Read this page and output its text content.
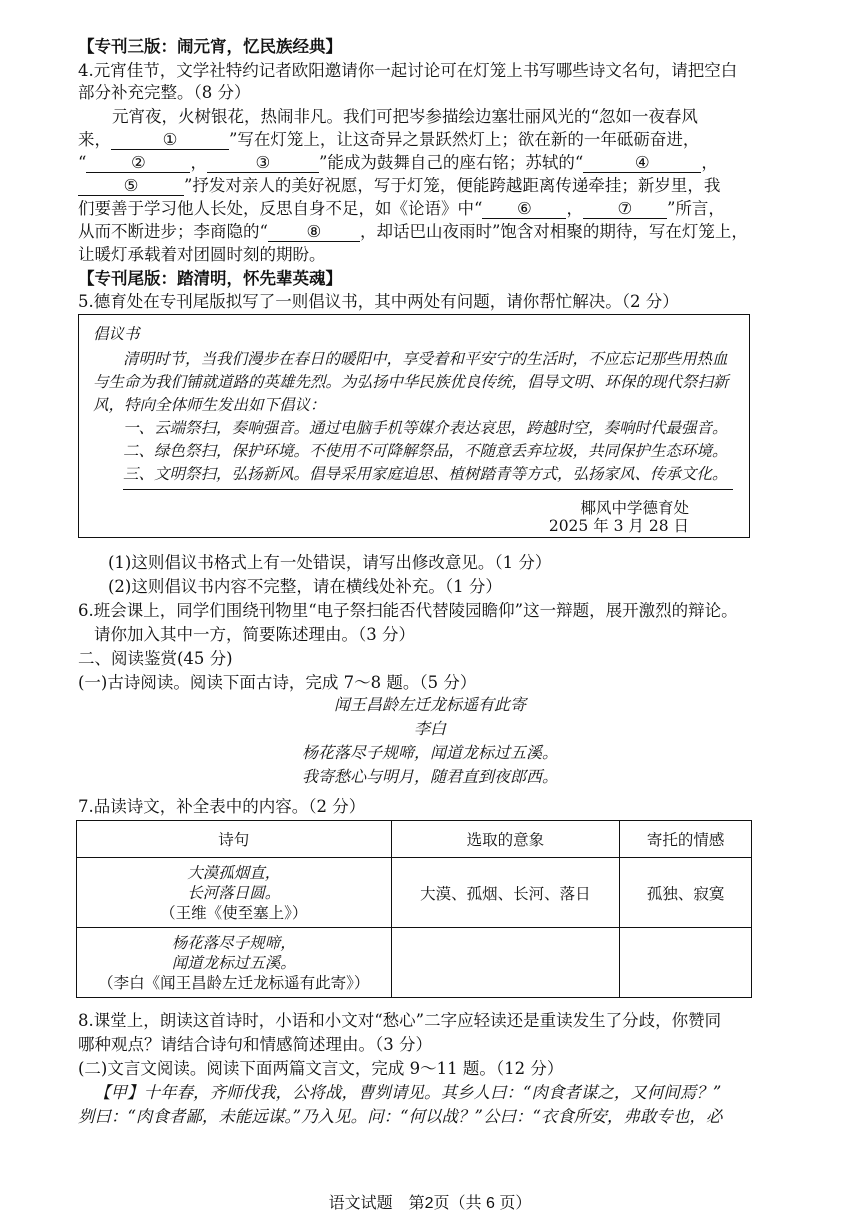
【专刊三版：闹元宵，忆民族经典】
4.元宵佳节，文学社特约记者欧阳邀请你一起讨论可在灯笼上书写哪些诗文名句，请把空白
部分补充完整。（8 分）
元宵夜，火树银花，热闹非凡。我们可把岑参描绘边塞壮丽风光的“忽如一夜春风
来，	①	”写在灯笼上，让这奇异之景跃然灯上；欲在新的一年砥砺奋进，
“	②	，	③	”能成为鼓舞自己的座右铭；苏轼的“	④	，
⑤	”抒发对亲人的美好祝愿，写于灯笼，便能跨越距离传递牵挂；新岁里，我
们要善于学习他人长处，反思自身不足，如《论语》中“ ⑥ ， ⑦ ”所言，
从而不断进步；李商隐的“ ⑧ ，却话巴山夜雨时”饱含对相聚的期待，写在灯笼上，
让暖灯承载着对团圆时刻的期盼。
【专刊尾版：踏清明，怀先辈英魂】
5.德育处在专刊尾版拟写了一则倡议书，其中两处有问题，请你帮忙解决。（2 分）
倡议书
清明时节，当我们漫步在春日的暖阳中，享受着和平安宁的生活时，不应忘记那些用热血
与生命为我们铺就道路的英雄先烈。为弘扬中华民族优良传统，倡导文明、环保的现代祭扫新
风，特向全体师生发出如下倡议：
一、云端祭扫，奏响强音。通过电脑手机等媒介表达哀思，跨越时空，奏响时代最强音。
二、绿色祭扫，保护环境。不使用不可降解祭品，不随意丢弃垃圾，共同保护生态环境。
三、文明祭扫，弘扬新风。倡导采用家庭追思、植树踏青等方式，弘扬家风、传承文化。
椰风中学德育处
2025 年 3 月 28 日
(1)这则倡议书格式上有一处错误，请写出修改意见。（1 分）
(2)这则倡议书内容不完整，请在横线处补充。（1 分）
6.班会课上，同学们围绕刊物里“电子祭扫能否代替陵园瞻仰”这一辩题，展开激烈的辩论。
请你加入其中一方，简要陈述理由。（3 分）
二、阅读鉴赏(45 分)
(一)古诗阅读。阅读下面古诗，完成 7～8 题。（5 分）
闻王昌龄左迁龙标遥有此寄
李白
杨花落尽子规啼，闻道龙标过五溪。
我寄愁心与明月，随君直到夜郎西。
7.品读诗文，补全表中的内容。（2 分）
诗句	选取的意象	寄托的情感

大漠孤烟直，
长河落日圆。
（王维《使至塞上》）	大漠、孤烟、长河、落日	孤独、寂寞

杨花落尽子规啼，
闻道龙标过五溪。
（李白《闻王昌龄左迁龙标遥有此寄》）		

8.课堂上，朗读这首诗时，小语和小文对“愁心”二字应轻读还是重读发生了分歧，你赞同
哪种观点？请结合诗句和情感简述理由。（3 分）
(二)文言文阅读。阅读下面两篇文言文，完成 9～11 题。（12 分）
【甲】十年春，齐师伐我，公将战，曹刿请见。其乡人曰：“肉食者谋之，又何间焉？”
刿曰：“肉食者鄙，未能远谋。”乃入见。问：“何以战？”公曰：“衣食所安，弗敢专也，必
语文试题　第2页（共 6 页）
